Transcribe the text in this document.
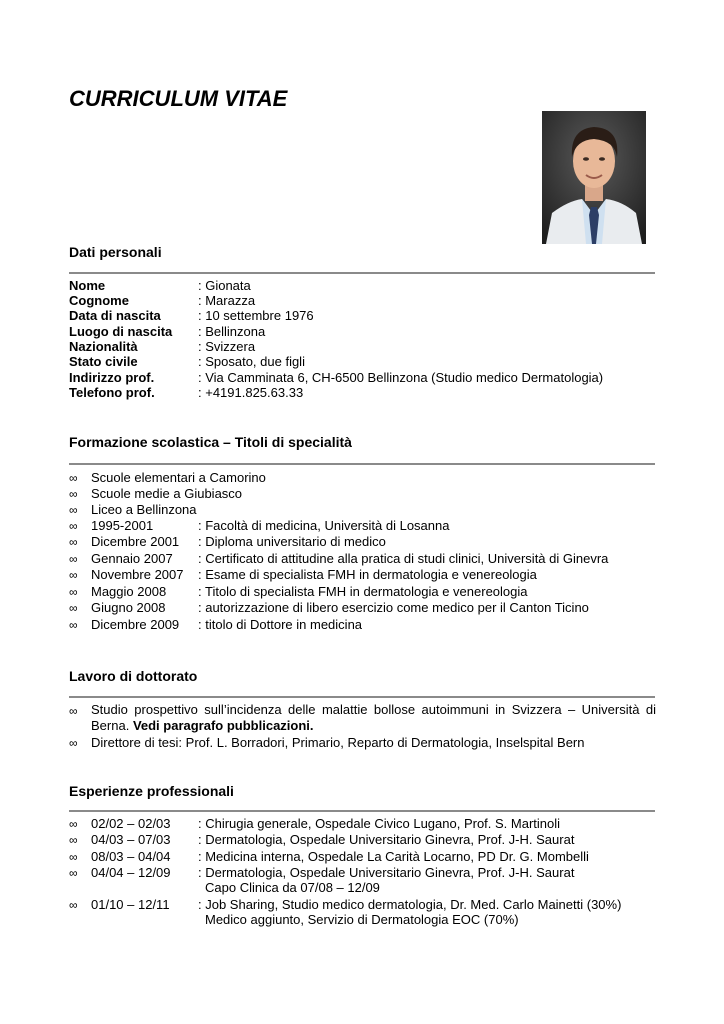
CURRICULUM VITAE
Dati personali
Nome	: Gionata
Cognome	: Marazza
Data di nascita	: 10 settembre 1976
Luogo di nascita : Bellinzona
Nazionalità	: Svizzera
Stato civile	: Sposato, due figli
Indirizzo prof.	: Via Camminata 6, CH-6500 Bellinzona (Studio medico Dermatologia)
Telefono prof.	: +4191.825.63.33
Formazione scolastica – Titoli di specialità
∞ Scuole elementari a Camorino
∞ Scuole medie a Giubiasco
∞ Liceo a Bellinzona
∞ 1995-2001	: Facoltà di medicina, Università di Losanna
∞ Dicembre 2001 : Diploma universitario di medico
∞ Gennaio 2007 : Certificato di attitudine alla pratica di studi clinici, Università di Ginevra
∞ Novembre 2007 : Esame di specialista FMH in dermatologia e venereologia
∞ Maggio 2008 : Titolo di specialista FMH in dermatologia e venereologia
∞ Giugno 2008	: autorizzazione di libero esercizio come medico per il Canton Ticino
∞ Dicembre 2009 : titolo di Dottore in medicina
Lavoro di dottorato
∞ Studio prospettivo sull’incidenza delle malattie bollose autoimmuni in Svizzera – Università di Berna. Vedi paragrafo pubblicazioni.
∞ Direttore di tesi: Prof. L. Borradori, Primario, Reparto di Dermatologia, Inselspital Bern
Esperienze professionali
∞ 02/02 – 02/03 : Chirugia generale, Ospedale Civico Lugano, Prof. S. Martinoli
∞ 04/03 – 07/03 : Dermatologia, Ospedale Universitario Ginevra, Prof. J-H. Saurat
∞ 08/03 – 04/04 : Medicina interna, Ospedale La Carità Locarno, PD Dr. G. Mombelli
∞ 04/04 – 12/09 : Dermatologia, Ospedale Universitario Ginevra, Prof. J-H. Saurat
Capo Clinica da 07/08 – 12/09
∞ 01/10 – 12/11 : Job Sharing, Studio medico dermatologia, Dr. Med. Carlo Mainetti (30%)
Medico aggiunto, Servizio di Dermatologia EOC (70%)
